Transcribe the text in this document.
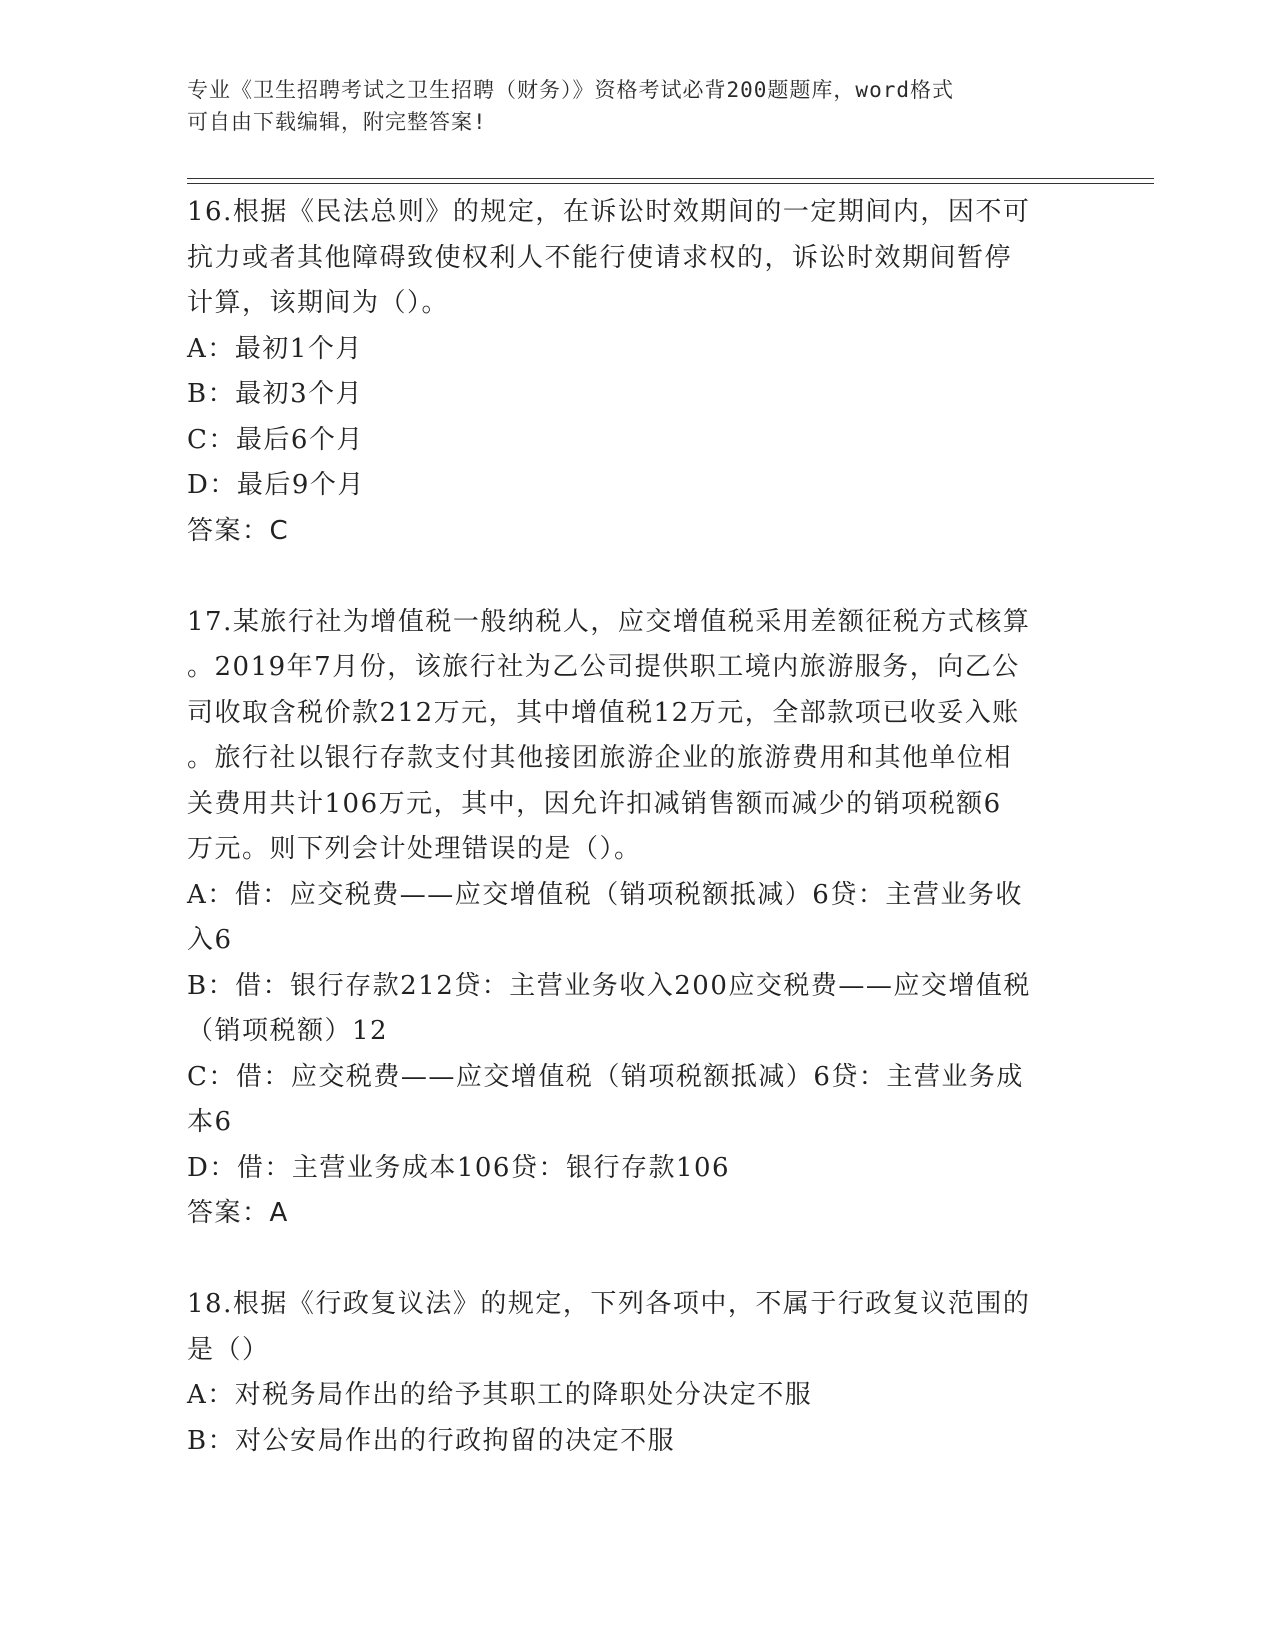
专业《卫生招聘考试之卫生招聘（财务）》资格考试必背200题题库，word格式
可自由下载编辑，附完整答案!
16.根据《民法总则》的规定，在诉讼时效期间的一定期间内，因不可
抗力或者其他障碍致使权利人不能行使请求权的，诉讼时效期间暂停
计算，该期间为（）。
A：最初1个月
B：最初3个月
C：最后6个月
D：最后9个月
答案：C
17.某旅行社为增值税一般纳税人，应交增值税采用差额征税方式核算
。2019年7月份，该旅行社为乙公司提供职工境内旅游服务，向乙公
司收取含税价款212万元，其中增值税12万元，全部款项已收妥入账
。旅行社以银行存款支付其他接团旅游企业的旅游费用和其他单位相
关费用共计106万元，其中，因允许扣减销售额而减少的销项税额6
万元。则下列会计处理错误的是（）。
A：借：应交税费——应交增值税（销项税额抵减）6贷：主营业务收
入6
B：借：银行存款212贷：主营业务收入200应交税费——应交增值税
（销项税额）12
C：借：应交税费——应交增值税（销项税额抵减）6贷：主营业务成
本6
D：借：主营业务成本106贷：银行存款106
答案：A
18.根据《行政复议法》的规定，下列各项中，不属于行政复议范围的
是（）
A：对税务局作出的给予其职工的降职处分决定不服
B：对公安局作出的行政拘留的决定不服
